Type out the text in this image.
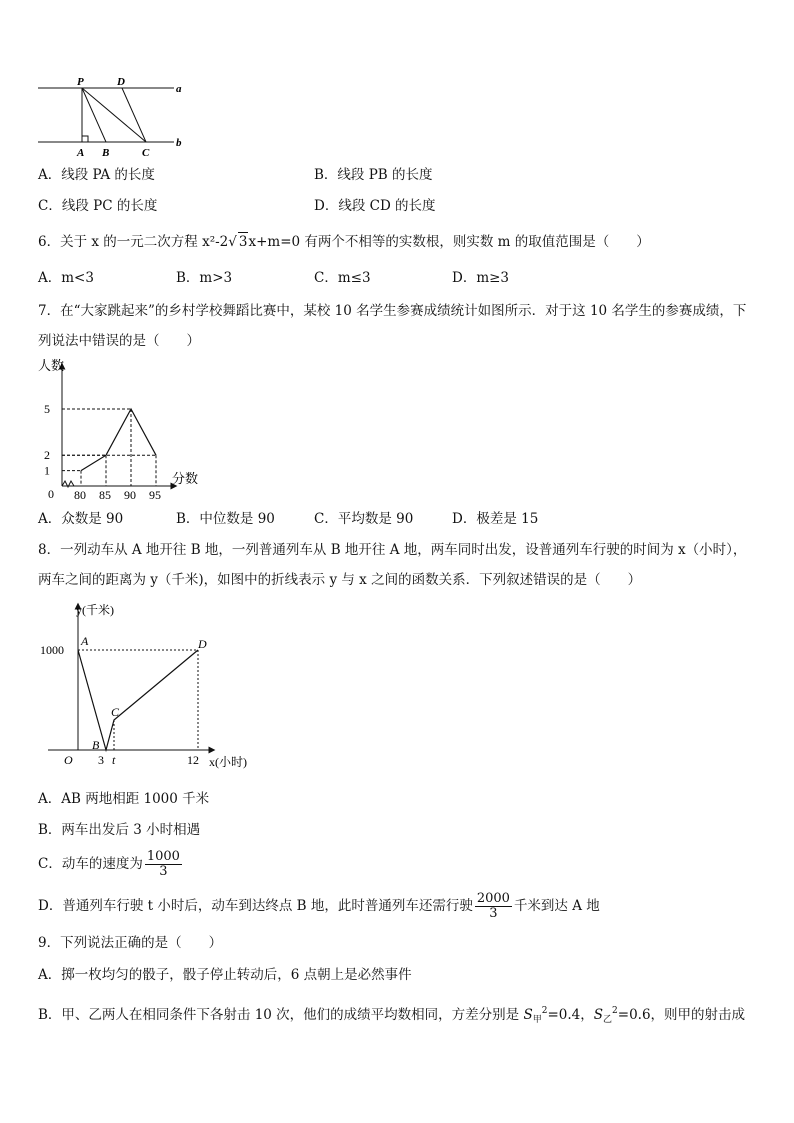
P	D
a
A B	C
b
A．线段 PA 的长度	B．线段 PB 的长度
C．线段 PC 的长度	D．线段 CD 的长度
6．关于 x 的一元二次方程 x²-2√ 3x+m=0 有两个不相等的实数根，则实数 m 的取值范围是（　　）
A．m<3	B．m>3	C．m≤3	D．m≥3
7．在“大家跳起来”的乡村学校舞蹈比赛中，某校 10 名学生参赛成绩统计如图所示．对于这 10 名学生的参赛成绩，下
列说法中错误的是（　　）
人数
分数
0 80 85 90 95
1
2
5
A．众数是 90	B．中位数是 90	C．平均数是 90	D．极差是 15
8．一列动车从 A 地开往 B 地，一列普通列车从 B 地开往 A 地，两车同时出发，设普通列车行驶的时间为 x（小时），
两车之间的距离为 y（千米)，如图中的折线表示 y 与 x 之间的函数关系．下列叙述错误的是（　　）
y(千米)
x(小时)
O
1000
3 t	12
A
B
C
D
A．AB 两地相距 1000 千米
B．两车出发后 3 小时相遇
C．动车的速度为 $\frac{1000}{3}$
D．普通列车行驶 t 小时后，动车到达终点 B 地，此时普通列车还需行驶 $\frac{2000}{3}$ 千米到达 A 地
9．下列说法正确的是（　　）
A．掷一枚均匀的骰子，骰子停止转动后，6 点朝上是必然事件
B．甲、乙两人在相同条件下各射击 10 次，他们的成绩平均数相同，方差分别是 $S_甲^2=0.4$，$S_乙^2=0.6$，则甲的射击成
